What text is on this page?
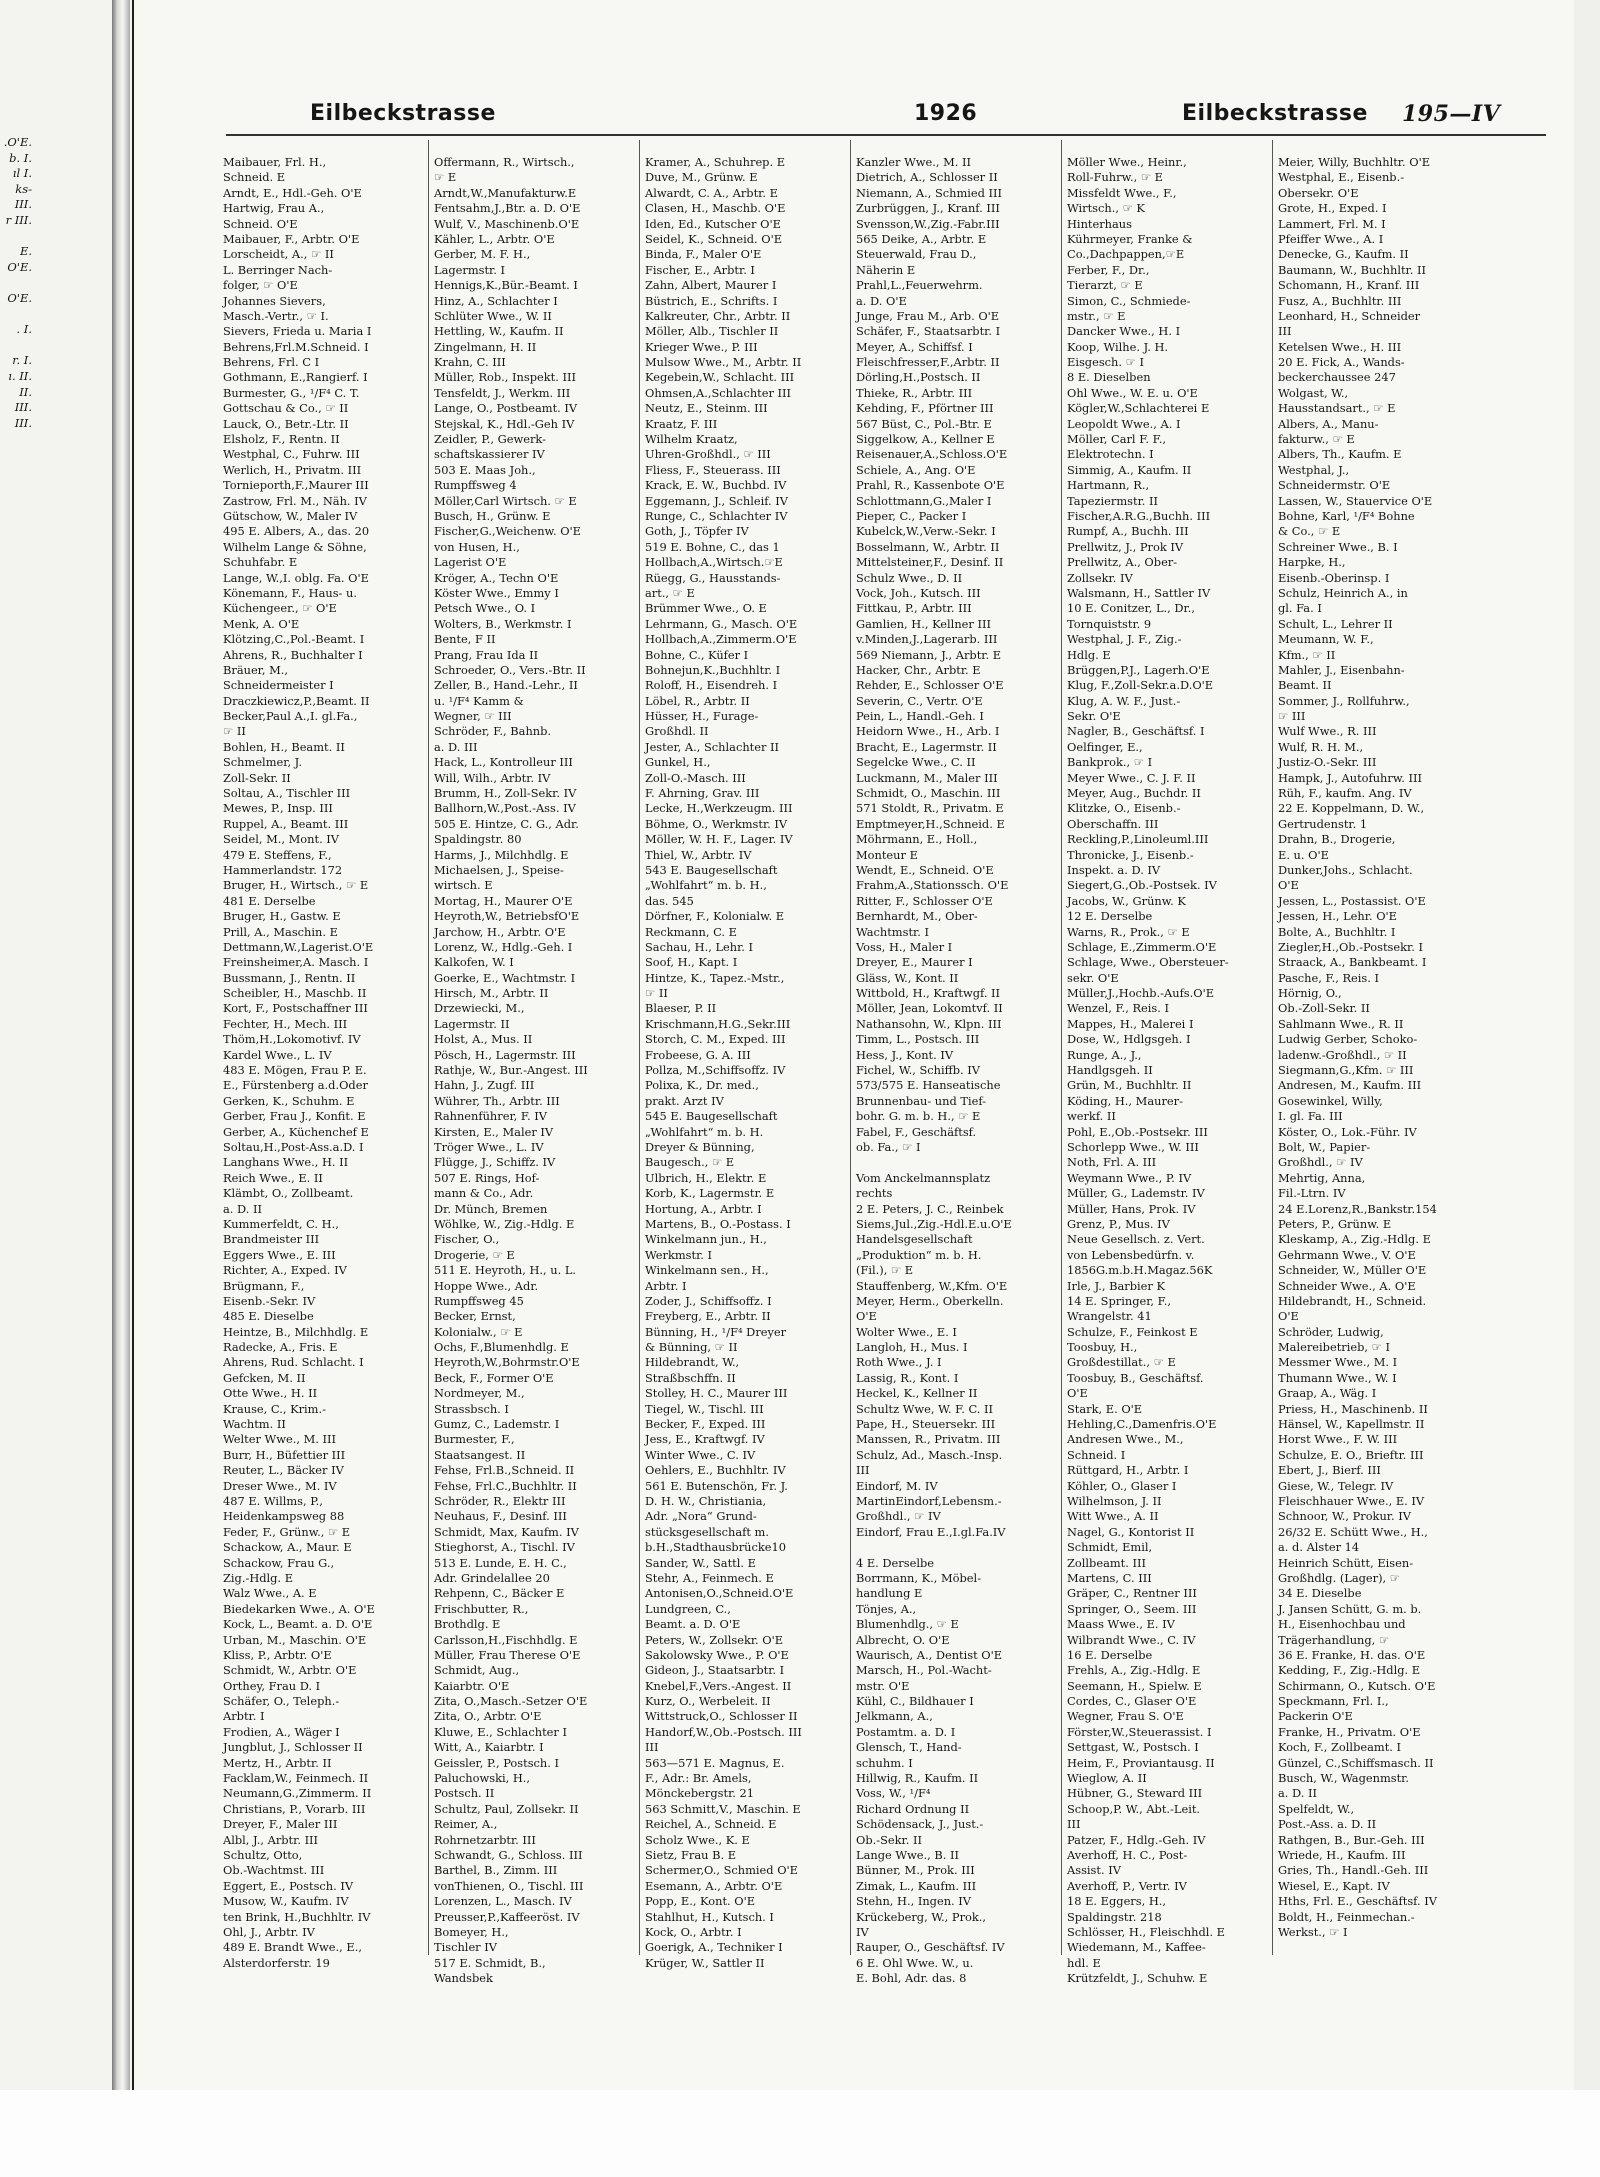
.O'E.
b. I.
ıl I.
ks-
III.
r III.

E.
O'E.

O'E.

. I.

r. I.
ı. II.
II.
III.
III.
Eilbeckstrasse	1926	Eilbeckstrasse 195—IV
Maibauer, Frl. H.,
Schneid. E
Arndt, E., Hdl.-Geh. O'E
Hartwig, Frau A.,
Schneid. O'E
Maibauer, F., Arbtr. O'E
Lorscheidt, A., ☞ II
L. Berringer Nach-
folger, ☞ O'E
Johannes Sievers,
Masch.-Vertr., ☞ I.
Sievers, Frieda u. Maria I
Behrens,Frl.M.Schneid. I
Behrens, Frl. C I
Gothmann, E.,Rangierf. I
Burmester, G., ¹/F⁴ C. T.
Gottschau & Co., ☞ II
Lauck, O., Betr.-Ltr. II
Elsholz, F., Rentn. II
Westphal, C., Fuhrw. III
Werlich, H., Privatm. III
Tornieporth,F.,Maurer III
Zastrow, Frl. M., Näh. IV
Gütschow, W., Maler IV
495 E. Albers, A., das. 20
Wilhelm Lange & Söhne,
Schuhfabr. E
Lange, W.,I. oblg. Fa. O'E
Könemann, F., Haus- u.
Küchengeer., ☞ O'E
Menk, A. O'E
Klötzing,C.,Pol.-Beamt. I
Ahrens, R., Buchhalter I
Bräuer, M.,
Schneidermeister I
Draczkiewicz,P.,Beamt. II
Becker,Paul A.,I. gl.Fa.,
☞ II
Bohlen, H., Beamt. II
Schmelmer, J.
Zoll-Sekr. II
Soltau, A., Tischler III
Mewes, P., Insp. III
Ruppel, A., Beamt. III
Seidel, M., Mont. IV
479 E. Steffens, F.,
Hammerlandstr. 172
Bruger, H., Wirtsch., ☞ E
481 E. Derselbe
Bruger, H., Gastw. E
Prill, A., Maschin. E
Dettmann,W.,Lagerist.O'E
Freinsheimer,A. Masch. I
Bussmann, J., Rentn. II
Scheibler, H., Maschb. II
Kort, F., Postschaffner III
Fechter, H., Mech. III
Thöm,H.,Lokomotivf. IV
Kardel Wwe., L. IV
483 E. Mögen, Frau P. E.
E., Fürstenberg a.d.Oder
Gerken, K., Schuhm. E
Gerber, Frau J., Konfit. E
Gerber, A., Küchenchef E
Soltau,H.,Post-Ass.a.D. I
Langhans Wwe., H. II
Reich Wwe., E. II
Klämbt, O., Zollbeamt.
a. D. II
Kummerfeldt, C. H.,
Brandmeister III
Eggers Wwe., E. III
Richter, A., Exped. IV
Brügmann, F.,
Eisenb.-Sekr. IV
485 E. Dieselbe
Heintze, B., Milchhdlg. E
Radecke, A., Fris. E
Ahrens, Rud. Schlacht. I
Gefcken, M. II
Otte Wwe., H. II
Krause, C., Krim.-
Wachtm. II
Welter Wwe., M. III
Burr, H., Büfettier III
Reuter, L., Bäcker IV
Dreser Wwe., M. IV
487 E. Willms, P.,
Heidenkampsweg 88
Feder, F., Grünw., ☞ E
Schackow, A., Maur. E
Schackow, Frau G.,
Zig.-Hdlg. E
Walz Wwe., A. E
Biedekarken Wwe., A. O'E
Kock, L., Beamt. a. D. O'E
Urban, M., Maschin. O'E
Kliss, P., Arbtr. O'E
Schmidt, W., Arbtr. O'E
Orthey, Frau D. I
Schäfer, O., Teleph.-
Arbtr. I
Frodien, A., Wäger I
Jungblut, J., Schlosser II
Mertz, H., Arbtr. II
Facklam,W., Feinmech. II
Neumann,G.,Zimmerm. II
Christians, P., Vorarb. III
Dreyer, F., Maler III
Albl, J., Arbtr. III
Schultz, Otto,
Ob.-Wachtmst. III
Eggert, E., Postsch. IV
Musow, W., Kaufm. IV
ten Brink, H.,Buchhltr. IV
Ohl, J., Arbtr. IV
489 E. Brandt Wwe., E.,
Alsterdorferstr. 19
Offermann, R., Wirtsch.,
☞ E
Arndt,W.,Manufakturw.E
Fentsahm,J.,Btr. a. D. O'E
Wulf, V., Maschinenb.O'E
Kähler, L., Arbtr. O'E
Gerber, M. F. H.,
Lagermstr. I
Hennigs,K.,Bür.-Beamt. I
Hinz, A., Schlachter I
Schlüter Wwe., W. II
Hettling, W., Kaufm. II
Zingelmann, H. II
Krahn, C. III
Müller, Rob., Inspekt. III
Tensfeldt, J., Werkm. III
Lange, O., Postbeamt. IV
Stejskal, K., Hdl.-Geh IV
Zeidler, P., Gewerk-
schaftskassierer IV
503 E. Maas Joh.,
Rumpffsweg 4
Möller,Carl Wirtsch. ☞ E
Busch, H., Grünw. E
Fischer,G.,Weichenw. O'E
von Husen, H.,
Lagerist O'E
Kröger, A., Techn O'E
Köster Wwe., Emmy I
Petsch Wwe., O. I
Wolters, B., Werkmstr. I
Bente, F II
Prang, Frau Ida II
Schroeder, O., Vers.-Btr. II
Zeller, B., Hand.-Lehr., II
u. ¹/F⁴ Kamm &
Wegner, ☞ III
Schröder, F., Bahnb.
a. D. III
Hack, L., Kontrolleur III
Will, Wilh., Arbtr. IV
Brumm, H., Zoll-Sekr. IV
Ballhorn,W.,Post.-Ass. IV
505 E. Hintze, C. G., Adr.
Spaldingstr. 80
Harms, J., Milchhdlg. E
Michaelsen, J., Speise-
wirtsch. E
Mortag, H., Maurer O'E
Heyroth,W., BetriebsfO'E
Jarchow, H., Arbtr. O'E
Lorenz, W., Hdlg.-Geh. I
Kalkofen, W. I
Goerke, E., Wachtmstr. I
Hirsch, M., Arbtr. II
Drzewiecki, M.,
Lagermstr. II
Holst, A., Mus. II
Pösch, H., Lagermstr. III
Rathje, W., Bur.-Angest. III
Hahn, J., Zugf. III
Wührer, Th., Arbtr. III
Rahnenführer, F. IV
Kirsten, E., Maler IV
Tröger Wwe., L. IV
Flügge, J., Schiffz. IV
507 E. Rings, Hof-
mann & Co., Adr.
Dr. Münch, Bremen
Wöhlke, W., Zig.-Hdlg. E
Fischer, O.,
Drogerie, ☞ E
511 E. Heyroth, H., u. L.
Hoppe Wwe., Adr.
Rumpffsweg 45
Becker, Ernst,
Kolonialw., ☞ E
Ochs, F.,Blumenhdlg. E
Heyroth,W.,Bohrmstr.O'E
Beck, F., Former O'E
Nordmeyer, M.,
Strassbsch. I
Gumz, C., Lademstr. I
Burmester, F.,
Staatsangest. II
Fehse, Frl.B.,Schneid. II
Fehse, Frl.C.,Buchhltr. II
Schröder, R., Elektr III
Neuhaus, F., Desinf. III
Schmidt, Max, Kaufm. IV
Stieghorst, A., Tischl. IV
513 E. Lunde, E. H. C.,
Adr. Grindelallee 20
Rehpenn, C., Bäcker E
Frischbutter, R.,
Brothdlg. E
Carlsson,H.,Fischhdlg. E
Müller, Frau Therese O'E
Schmidt, Aug.,
Kaiarbtr. O'E
Zita, O.,Masch.-Setzer O'E
Zita, O., Arbtr. O'E
Kluwe, E., Schlachter I
Witt, A., Kaiarbtr. I
Geissler, P., Postsch. I
Paluchowski, H.,
Postsch. II
Schultz, Paul, Zollsekr. II
Reimer, A.,
Rohrnetzarbtr. III
Schwandt, G., Schloss. III
Barthel, B., Zimm. III
vonThienen, O., Tischl. III
Lorenzen, L., Masch. IV
Preusser,P.,Kaffeeröst. IV
Bomeyer, H.,
Tischler IV
517 E. Schmidt, B.,
Wandsbek
Kramer, A., Schuhrep. E
Duve, M., Grünw. E
Alwardt, C. A., Arbtr. E
Clasen, H., Maschb. O'E
Iden, Ed., Kutscher O'E
Seidel, K., Schneid. O'E
Binda, F., Maler O'E
Fischer, E., Arbtr. I
Zahn, Albert, Maurer I
Büstrich, E., Schrifts. I
Kalkreuter, Chr., Arbtr. II
Möller, Alb., Tischler II
Krieger Wwe., P. III
Mulsow Wwe., M., Arbtr. II
Kegebein,W., Schlacht. III
Ohmsen,A.,Schlachter III
Neutz, E., Steinm. III
Kraatz, F. III
Wilhelm Kraatz,
Uhren-Großhdl., ☞ III
Fliess, F., Steuerass. III
Krack, E. W., Buchbd. IV
Eggemann, J., Schleif. IV
Runge, C., Schlachter IV
Goth, J., Töpfer IV
519 E. Bohne, C., das 1
Hollbach,A.,Wirtsch.☞E
Rüegg, G., Hausstands-
art., ☞ E
Brümmer Wwe., O. E
Lehrmann, G., Masch. O'E
Hollbach,A.,Zimmerm.O'E
Bohne, C., Küfer I
Bohnejun,K.,Buchhltr. I
Roloff, H., Eisendreh. I
Löbel, R., Arbtr. II
Hüsser, H., Furage-
Großhdl. II
Jester, A., Schlachter II
Gunkel, H.,
Zoll-O.-Masch. III
F. Ahrning, Grav. III
Lecke, H.,Werkzeugm. III
Böhme, O., Werkmstr. IV
Möller, W. H. F., Lager. IV
Thiel, W., Arbtr. IV
543 E. Baugesellschaft
„Wohlfahrt“ m. b. H.,
das. 545
Dörfner, F., Kolonialw. E
Reckmann, C. E
Sachau, H., Lehr. I
Soof, H., Kapt. I
Hintze, K., Tapez.-Mstr.,
☞ II
Blaeser, P. II
Krischmann,H.G.,Sekr.III
Storch, C. M., Exped. III
Frobeese, G. A. III
Pollza, M.,Schiffsoffz. IV
Polixa, K., Dr. med.,
prakt. Arzt IV
545 E. Baugesellschaft
„Wohlfahrt“ m. b. H.
Dreyer & Bünning,
Baugesch., ☞ E
Ulbrich, H., Elektr. E
Korb, K., Lagermstr. E
Hortung, A., Arbtr. I
Martens, B., O.-Postass. I
Winkelmann jun., H.,
Werkmstr. I
Winkelmann sen., H.,
Arbtr. I
Zoder, J., Schiffsoffz. I
Freyberg, E., Arbtr. II
Bünning, H., ¹/F⁴ Dreyer
& Bünning, ☞ II
Hildebrandt, W.,
Straßbschffn. II
Stolley, H. C., Maurer III
Tiegel, W., Tischl. III
Becker, F., Exped. III
Jess, E., Kraftwgf. IV
Winter Wwe., C. IV
Oehlers, E., Buchhltr. IV
561 E. Butenschön, Fr. J.
D. H. W., Christiania,
Adr. „Nora“ Grund-
stücksgesellschaft m.
b.H.,Stadthausbrücke10
Sander, W., Sattl. E
Stehr, A., Feinmech. E
Antonisen,O.,Schneid.O'E
Lundgreen, C.,
Beamt. a. D. O'E
Peters, W., Zollsekr. O'E
Sakolowsky Wwe., P. O'E
Gideon, J., Staatsarbtr. I
Knebel,F.,Vers.-Angest. II
Kurz, O., Werbeleit. II
Wittstruck,O., Schlosser II
Handorf,W.,Ob.-Postsch. III
III
563—571 E. Magnus, E.
F., Adr.: Br. Amels,
Mönckebergstr. 21
563 Schmitt,V., Maschin. E
Reichel, A., Schneid. E
Scholz Wwe., K. E
Sietz, Frau B. E
Schermer,O., Schmied O'E
Esemann, A., Arbtr. O'E
Popp, E., Kont. O'E
Stahlhut, H., Kutsch. I
Kock, O., Arbtr. I
Goerigk, A., Techniker I
Krüger, W., Sattler II
Kanzler Wwe., M. II
Dietrich, A., Schlosser II
Niemann, A., Schmied III
Zurbrüggen, J., Kranf. III
Svensson,W.,Zig.-Fabr.III
565 Deike, A., Arbtr. E
Steuerwald, Frau D.,
Näherin E
Prahl,L.,Feuerwehrm.
a. D. O'E
Junge, Frau M., Arb. O'E
Schäfer, F., Staatsarbtr. I
Meyer, A., Schiffsf. I
Fleischfresser,F.,Arbtr. II
Dörling,H.,Postsch. II
Thieke, R., Arbtr. III
Kehding, F., Pförtner III
567 Büst, C., Pol.-Btr. E
Siggelkow, A., Kellner E
Reisenauer,A.,Schloss.O'E
Schiele, A., Ang. O'E
Prahl, R., Kassenbote O'E
Schlottmann,G.,Maler I
Pieper, C., Packer I
Kubelck,W.,Verw.-Sekr. I
Bosselmann, W., Arbtr. II
Mittelsteiner,F., Desinf. II
Schulz Wwe., D. II
Vock, Joh., Kutsch. III
Fittkau, P., Arbtr. III
Gamlien, H., Kellner III
v.Minden,J.,Lagerarb. III
569 Niemann, J., Arbtr. E
Hacker, Chr., Arbtr. E
Rehder, E., Schlosser O'E
Severin, C., Vertr. O'E
Pein, L., Handl.-Geh. I
Heidorn Wwe., H., Arb. I
Bracht, E., Lagermstr. II
Segelcke Wwe., C. II
Luckmann, M., Maler III
Schmidt, O., Maschin. III
571 Stoldt, R., Privatm. E
Emptmeyer,H.,Schneid. E
Möhrmann, E., Holl.,
Monteur E
Wendt, E., Schneid. O'E
Frahm,A.,Stationssch. O'E
Ritter, F., Schlosser O'E
Bernhardt, M., Ober-
Wachtmstr. I
Voss, H., Maler I
Dreyer, E., Maurer I
Gläss, W., Kont. II
Wittbold, H., Kraftwgf. II
Möller, Jean, Lokomtvf. II
Nathansohn, W., Klpn. III
Timm, L., Postsch. III
Hess, J., Kont. IV
Fichel, W., Schiffb. IV
573/575 E. Hanseatische
Brunnenbau- und Tief-
bohr. G. m. b. H., ☞ E
Fabel, F., Geschäftsf.
ob. Fa., ☞ I
Vom Anckelmannsplatz
rechts
2 E. Peters, J. C., Reinbek
Siems,Jul.,Zig.-Hdl.E.u.O'E
Handelsgesellschaft
„Produktion“ m. b. H.
(Fil.), ☞ E
Stauffenberg, W.,Kfm. O'E
Meyer, Herm., Oberkelln.
O'E
Wolter Wwe., E. I
Langloh, H., Mus. I
Roth Wwe., J. I
Lassig, R., Kont. I
Heckel, K., Kellner II
Schultz Wwe, W. F. C. II
Pape, H., Steuersekr. III
Manssen, R., Privatm. III
Schulz, Ad., Masch.-Insp.
III
Eindorf, M. IV
MartinEindorf,Lebensm.-
Großhdl., ☞ IV
Eindorf, Frau E.,I.gl.Fa.IV
4 E. Derselbe
Borrmann, K., Möbel-
handlung E
Tönjes, A.,
Blumenhdlg., ☞ E
Albrecht, O. O'E
Waurisch, A., Dentist O'E
Marsch, H., Pol.-Wacht-
mstr. O'E
Kühl, C., Bildhauer I
Jelkmann, A.,
Postamtm. a. D. I
Glensch, T., Hand-
schuhm. I
Hillwig, R., Kaufm. II
Voss, W., ¹/F⁴
Richard Ordnung II
Schödensack, J., Just.-
Ob.-Sekr. II
Lange Wwe., B. II
Bünner, M., Prok. III
Zimak, L., Kaufm. III
Stehn, H., Ingen. IV
Krückeberg, W., Prok.,
IV
Rauper, O., Geschäftsf. IV
6 E. Ohl Wwe. W., u.
E. Bohl, Adr. das. 8
Möller Wwe., Heinr.,
Roll-Fuhrw., ☞ E
Missfeldt Wwe., F.,
Wirtsch., ☞ K
Hinterhaus
Kührmeyer, Franke &
Co.,Dachpappen,☞E
Ferber, F., Dr.,
Tierarzt, ☞ E
Simon, C., Schmiede-
mstr., ☞ E
Dancker Wwe., H. I
Koop, Wilhe. J. H.
Eisgesch. ☞ I
8 E. Dieselben
Ohl Wwe., W. E. u. O'E
Kögler,W.,Schlachterei E
Leopoldt Wwe., A. I
Möller, Carl F. F.,
Elektrotechn. I
Simmig, A., Kaufm. II
Hartmann, R.,
Tapeziermstr. II
Fischer,A.R.G.,Buchh. III
Rumpf, A., Buchh. III
Prellwitz, J., Prok IV
Prellwitz, A., Ober-
Zollsekr. IV
Walsmann, H., Sattler IV
10 E. Conitzer, L., Dr.,
Tornquiststr. 9
Westphal, J. F., Zig.-
Hdlg. E
Brüggen,P.J., Lagerh.O'E
Klug, F.,Zoll-Sekr.a.D.O'E
Klug, A. W. F., Just.-
Sekr. O'E
Nagler, B., Geschäftsf. I
Oelfinger, E.,
Bankprok., ☞ I
Meyer Wwe., C. J. F. II
Meyer, Aug., Buchdr. II
Klitzke, O., Eisenb.-
Oberschaffn. III
Reckling,P.,Linoleuml.III
Thronicke, J., Eisenb.-
Inspekt. a. D. IV
Siegert,G.,Ob.-Postsek. IV
Jacobs, W., Grünw. K
12 E. Derselbe
Warns, R., Prok., ☞ E
Schlage, E.,Zimmerm.O'E
Schlage, Wwe., Obersteuer-
sekr. O'E
Müller,J.,Hochb.-Aufs.O'E
Wenzel, F., Reis. I
Mappes, H., Malerei I
Dose, W., Hdlgsgeh. I
Runge, A., J.,
Handlgsgeh. II
Grün, M., Buchhltr. II
Köding, H., Maurer-
werkf. II
Pohl, E.,Ob.-Postsekr. III
Schorlepp Wwe., W. III
Noth, Frl. A. III
Weymann Wwe., P. IV
Müller, G., Lademstr. IV
Müller, Hans, Prok. IV
Grenz, P., Mus. IV
Neue Gesellsch. z. Vert.
von Lebensbedürfn. v.
1856G.m.b.H.Magaz.56K
Irle, J., Barbier K
14 E. Springer, F.,
Wrangelstr. 41
Schulze, F., Feinkost E
Toosbuy, H.,
Großdestillat., ☞ E
Toosbuy, B., Geschäftsf.
O'E
Stark, E. O'E
Hehling,C.,Damenfris.O'E
Andresen Wwe., M.,
Schneid. I
Rüttgard, H., Arbtr. I
Köhler, O., Glaser I
Wilhelmson, J. II
Witt Wwe., A. II
Nagel, G., Kontorist II
Schmidt, Emil,
Zollbeamt. III
Martens, C. III
Gräper, C., Rentner III
Springer, O., Seem. III
Maass Wwe., E. IV
Wilbrandt Wwe., C. IV
16 E. Derselbe
Frehls, A., Zig.-Hdlg. E
Seemann, H., Spielw. E
Cordes, C., Glaser O'E
Wegner, Frau S. O'E
Förster,W.,Steuerassist. I
Settgast, W., Postsch. I
Heim, F., Proviantausg. II
Wieglow, A. II
Hübner, G., Steward III
Schoop,P. W., Abt.-Leit.
III
Patzer, F., Hdlg.-Geh. IV
Averhoff, H. C., Post-
Assist. IV
Averhoff, P., Vertr. IV
18 E. Eggers, H.,
Spaldingstr. 218
Schlösser, H., Fleischhdl. E
Wiedemann, M., Kaffee-
hdl. E
Krützfeldt, J., Schuhw. E
Meier, Willy, Buchhltr. O'E
Westphal, E., Eisenb.-
Obersekr. O'E
Grote, H., Exped. I
Lammert, Frl. M. I
Pfeiffer Wwe., A. I
Denecke, G., Kaufm. II
Baumann, W., Buchhltr. II
Schomann, H., Kranf. III
Fusz, A., Buchhltr. III
Leonhard, H., Schneider
III
Ketelsen Wwe., H. III
20 E. Fick, A., Wands-
beckerchaussee 247
Wolgast, W.,
Hausstandsart., ☞ E
Albers, A., Manu-
fakturw., ☞ E
Albers, Th., Kaufm. E
Westphal, J.,
Schneidermstr. O'E
Lassen, W., Stauervice O'E
Bohne, Karl, ¹/F⁴ Bohne
& Co., ☞ E
Schreiner Wwe., B. I
Harpke, H.,
Eisenb.-Oberinsp. I
Schulz, Heinrich A., in
gl. Fa. I
Schult, L., Lehrer II
Meumann, W. F.,
Kfm., ☞ II
Mahler, J., Eisenbahn-
Beamt. II
Sommer, J., Rollfuhrw.,
☞ III
Wulf Wwe., R. III
Wulf, R. H. M.,
Justiz-O.-Sekr. III
Hampk, J., Autofuhrw. III
Rüh, F., kaufm. Ang. IV
22 E. Koppelmann, D. W.,
Gertrudenstr. 1
Drahn, B., Drogerie,
E. u. O'E
Dunker,Johs., Schlacht.
O'E
Jessen, L., Postassist. O'E
Jessen, H., Lehr. O'E
Bolte, A., Buchhltr. I
Ziegler,H.,Ob.-Postsekr. I
Straack, A., Bankbeamt. I
Pasche, F., Reis. I
Hörnig, O.,
Ob.-Zoll-Sekr. II
Sahlmann Wwe., R. II
Ludwig Gerber, Schoko-
ladenw.-Großhdl., ☞ II
Siegmann,G.,Kfm. ☞ III
Andresen, M., Kaufm. III
Gosewinkel, Willy,
I. gl. Fa. III
Köster, O., Lok.-Führ. IV
Bolt, W., Papier-
Großhdl., ☞ IV
Mehrtig, Anna,
Fil.-Ltrn. IV
24 E.Lorenz,R.,Bankstr.154
Peters, P., Grünw. E
Kleskamp, A., Zig.-Hdlg. E
Gehrmann Wwe., V. O'E
Schneider, W., Müller O'E
Schneider Wwe., A. O'E
Hildebrandt, H., Schneid.
O'E
Schröder, Ludwig,
Malereibetrieb, ☞ I
Messmer Wwe., M. I
Thumann Wwe., W. I
Graap, A., Wäg. I
Priess, H., Maschinenb. II
Hänsel, W., Kapellmstr. II
Horst Wwe., F. W. III
Schulze, E. O., Brieftr. III
Ebert, J., Bierf. III
Giese, W., Telegr. IV
Fleischhauer Wwe., E. IV
Schnoor, W., Prokur. IV
26/32 E. Schütt Wwe., H.,
a. d. Alster 14
Heinrich Schütt, Eisen-
Großhdlg. (Lager), ☞
34 E. Dieselbe
J. Jansen Schütt, G. m. b.
H., Eisenhochbau und
Trägerhandlung, ☞
36 E. Franke, H. das. O'E
Kedding, F., Zig.-Hdlg. E
Schirmann, O., Kutsch. O'E
Speckmann, Frl. I.,
Packerin O'E
Franke, H., Privatm. O'E
Koch, F., Zollbeamt. I
Günzel, C.,Schiffsmasch. II
Busch, W., Wagenmstr.
a. D. II
Spelfeldt, W.,
Post.-Ass. a. D. II
Rathgen, B., Bur.-Geh. III
Wriede, H., Kaufm. III
Gries, Th., Handl.-Geh. III
Wiesel, E., Kapt. IV
Hths, Frl. E., Geschäftsf. IV
Boldt, H., Feinmechan.-
Werkst., ☞ I
